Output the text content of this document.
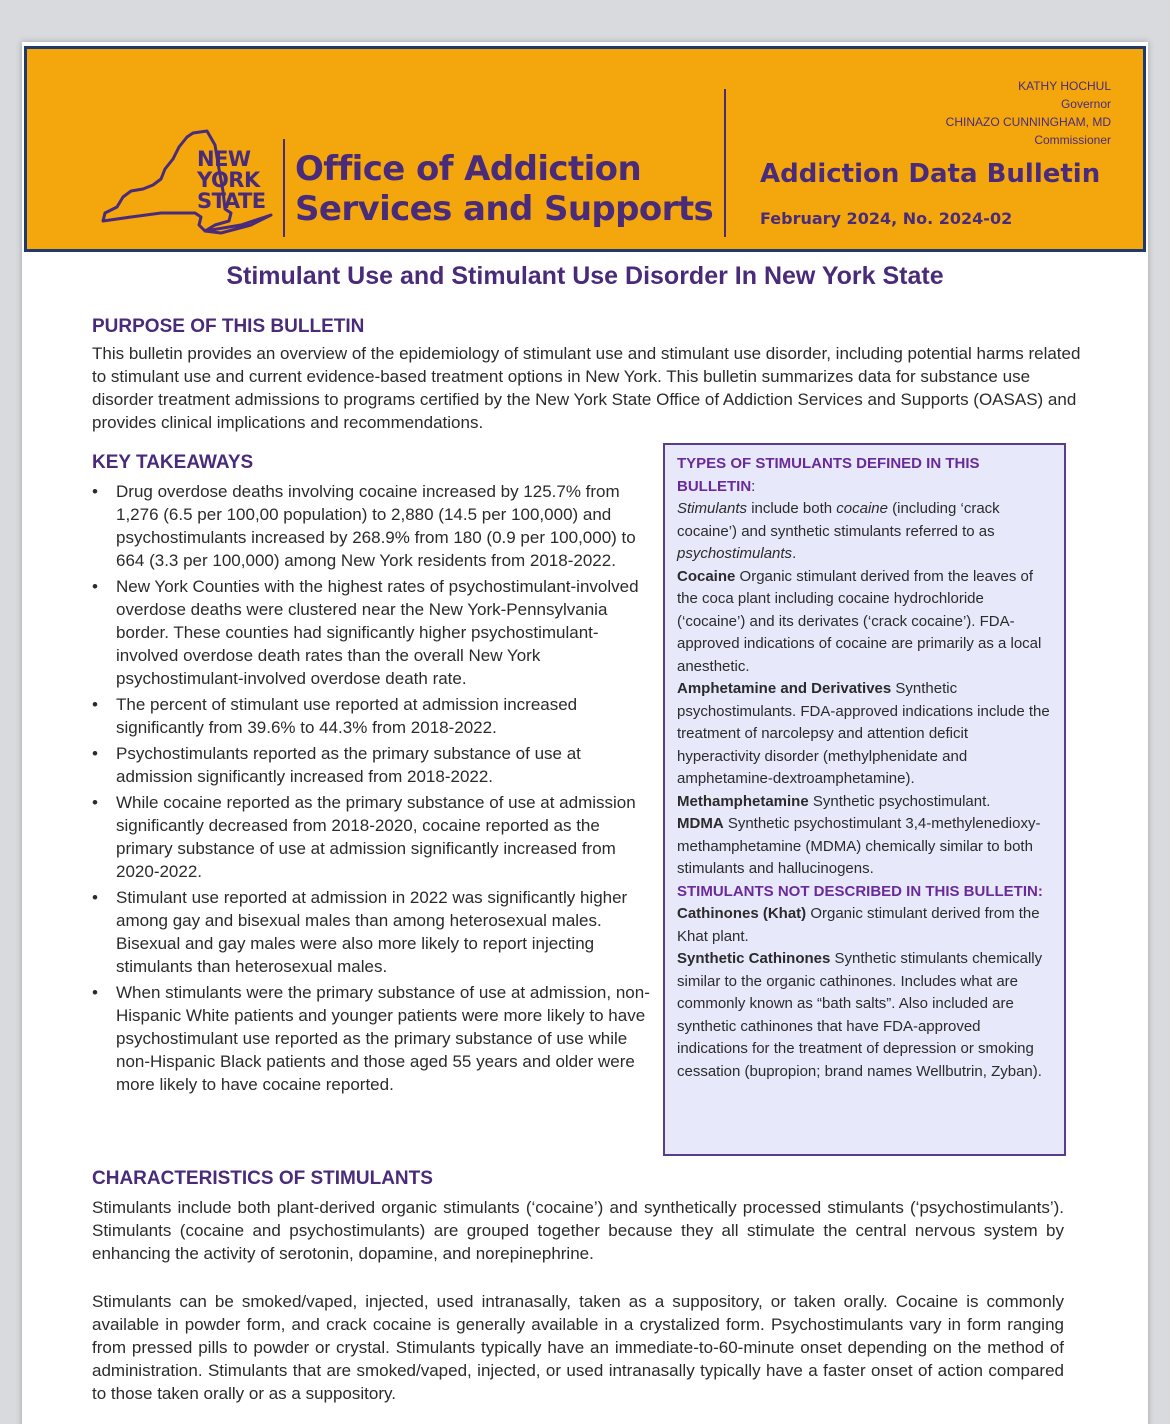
NEW
YORK
STATE
Office of Addiction
Services and Supports
KATHY HOCHUL
Governor
CHINAZO CUNNINGHAM, MD
Commissioner
Addiction Data Bulletin
February 2024, No. 2024-02
Stimulant Use and Stimulant Use Disorder In New York State
PURPOSE OF THIS BULLETIN
This bulletin provides an overview of the epidemiology of stimulant use and stimulant use disorder, including potential harms related to stimulant use and current evidence-based treatment options in New York. This bulletin summarizes data for substance use disorder treatment admissions to programs certified by the New York State Office of Addiction Services and Supports (OASAS) and provides clinical implications and recommendations.
KEY TAKEAWAYS
• Drug overdose deaths involving cocaine increased by 125.7% from 1,276 (6.5 per 100,00 population) to 2,880 (14.5 per 100,000) and psychostimulants increased by 268.9% from 180 (0.9 per 100,000) to 664 (3.3 per 100,000) among New York residents from 2018-2022.
• New York Counties with the highest rates of psychostimulant-involved overdose deaths were clustered near the New York-Pennsylvania border. These counties had significantly higher psychostimulant-involved overdose death rates than the overall New York psychostimulant-involved overdose death rate.
• The percent of stimulant use reported at admission increased significantly from 39.6% to 44.3% from 2018-2022.
• Psychostimulants reported as the primary substance of use at admission significantly increased from 2018-2022.
• While cocaine reported as the primary substance of use at admission significantly decreased from 2018-2020, cocaine reported as the primary substance of use at admission significantly increased from 2020-2022.
• Stimulant use reported at admission in 2022 was significantly higher among gay and bisexual males than among heterosexual males. Bisexual and gay males were also more likely to report injecting stimulants than heterosexual males.
• When stimulants were the primary substance of use at admission, non-Hispanic White patients and younger patients were more likely to have psychostimulant use reported as the primary substance of use while non-Hispanic Black patients and those aged 55 years and older were more likely to have cocaine reported.

TYPES OF STIMULANTS DEFINED IN THIS BULLETIN:

Stimulants include both cocaine (including ‘crack cocaine’) and synthetic stimulants referred to as psychostimulants.

Cocaine Organic stimulant derived from the leaves of the coca plant including cocaine hydrochloride (‘cocaine’) and its derivates (‘crack cocaine’). FDA-approved indications of cocaine are primarily as a local anesthetic.

Amphetamine and Derivatives Synthetic psychostimulants. FDA-approved indications include the treatment of narcolepsy and attention deficit hyperactivity disorder (methylphenidate and amphetamine-dextroamphetamine).

Methamphetamine Synthetic psychostimulant.

MDMA Synthetic psychostimulant 3,4-methylenedioxy-methamphetamine (MDMA) chemically similar to both stimulants and hallucinogens.

STIMULANTS NOT DESCRIBED IN THIS BULLETIN:

Cathinones (Khat) Organic stimulant derived from the Khat plant.

Synthetic Cathinones Synthetic stimulants chemically similar to the organic cathinones. Includes what are commonly known as “bath salts”. Also included are synthetic cathinones that have FDA-approved indications for the treatment of depression or smoking cessation (bupropion; brand names Wellbutrin, Zyban).

CHARACTERISTICS OF STIMULANTS
Stimulants include both plant-derived organic stimulants (‘cocaine’) and synthetically processed stimulants (‘psychostimulants’). Stimulants (cocaine and psychostimulants) are grouped together because they all stimulate the central nervous system by enhancing the activity of serotonin, dopamine, and norepinephrine.
Stimulants can be smoked/vaped, injected, used intranasally, taken as a suppository, or taken orally. Cocaine is commonly available in powder form, and crack cocaine is generally available in a crystalized form. Psychostimulants vary in form ranging from pressed pills to powder or crystal. Stimulants typically have an immediate-to-60-minute onset depending on the method of administration. Stimulants that are smoked/vaped, injected, or used intranasally typically have a faster onset of action compared to those taken orally or as a suppository.
